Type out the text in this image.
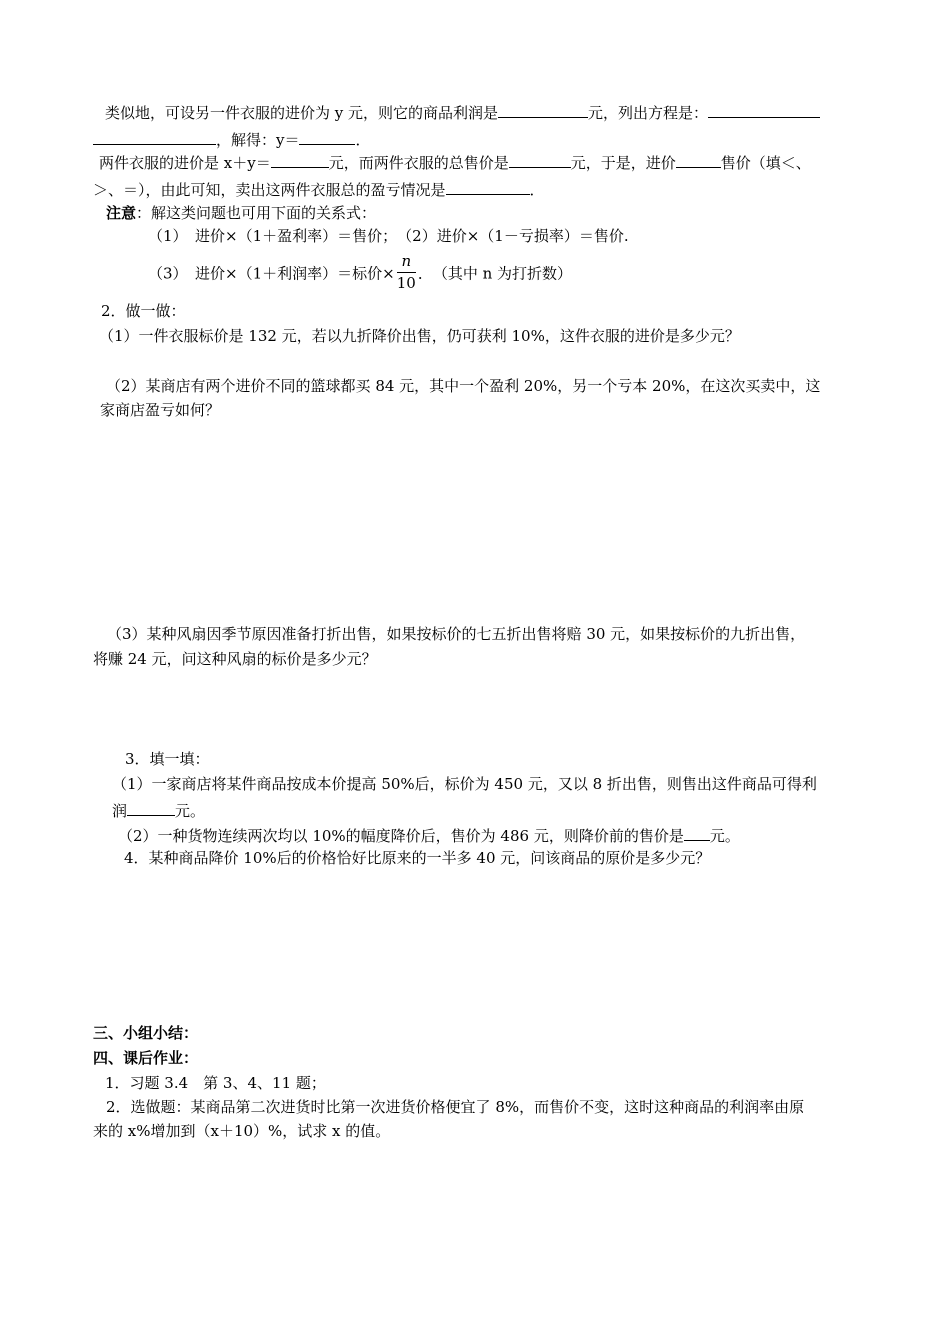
类似地，可设另一件衣服的进价为 y 元，则它的商品利润是	元，列出方程是：
，解得：y＝	．
两件衣服的进价是 x＋y＝	元，而两件衣服的总售价是	元，于是，进价	售价（填＜、
＞、＝），由此可知，卖出这两件衣服总的盈亏情况是	．
注意：解这类问题也可用下面的关系式：
（1）　进价×（1＋盈利率）＝售价；　（2）进价×（1－亏损率）＝售价.
（3）　进价×（1＋利润率）＝标价× $\frac{n}{10}$ ．　（其中 n 为打折数）
2．做一做：
（1）一件衣服标价是 132 元，若以九折降价出售，仍可获利 10%，这件衣服的进价是多少元？
（2）某商店有两个进价不同的篮球都买 84 元，其中一个盈利 20%，另一个亏本 20%，在这次买卖中，这
家商店盈亏如何？
（3）某种风扇因季节原因准备打折出售，如果按标价的七五折出售将赔 30 元，如果按标价的九折出售，
将赚 24 元，问这种风扇的标价是多少元？
3．填一填：
（1）一家商店将某件商品按成本价提高 50%后，标价为 450 元，又以 8 折出售，则售出这件商品可得利
润	元。
（2）一种货物连续两次均以 10%的幅度降价后，售价为 486 元，则降价前的售价是 元。
4．某种商品降价 10%后的价格恰好比原来的一半多 40 元，问该商品的原价是多少元？
三、小组小结：
四、课后作业：
1．习题 3.4　第 3、4、11 题；
2．选做题：某商品第二次进货时比第一次进货价格便宜了 8%，而售价不变，这时这种商品的利润率由原
来的 x%增加到（x＋10）%，试求 x 的值。
